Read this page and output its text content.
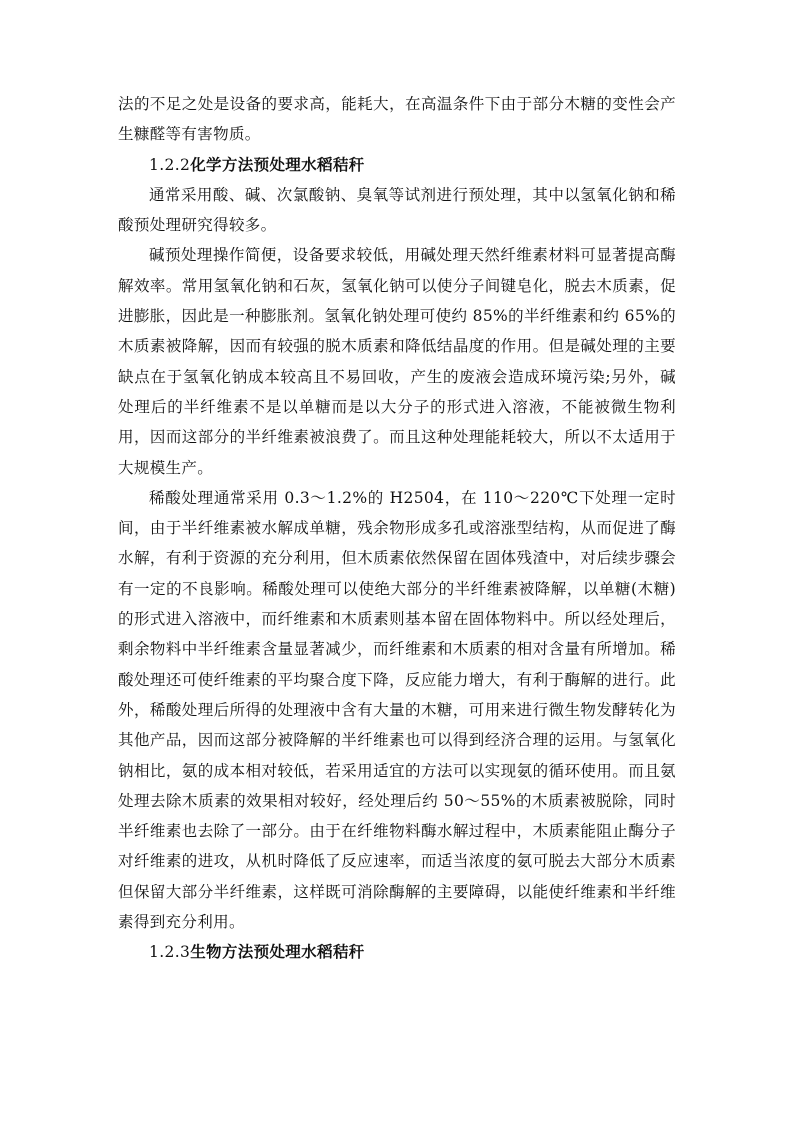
法的不足之处是设备的要求高，能耗大，在高温条件下由于部分木糖的变性会产生糠醛等有害物质。

1.2.2化学方法预处理水稻秸秆

通常采用酸、碱、次氯酸钠、臭氧等试剂进行预处理，其中以氢氧化钠和稀酸预处理研究得较多。

碱预处理操作简便，设备要求较低，用碱处理天然纤维素材料可显著提高酶解效率。常用氢氧化钠和石灰，氢氧化钠可以使分子间键皂化，脱去木质素，促进膨胀，因此是一种膨胀剂。氢氧化钠处理可使约 85%的半纤维素和约 65%的木质素被降解，因而有较强的脱木质素和降低结晶度的作用。但是碱处理的主要缺点在于氢氧化钠成本较高且不易回收，产生的废液会造成环境污染;另外，碱处理后的半纤维素不是以单糖而是以大分子的形式进入溶液，不能被微生物利用，因而这部分的半纤维素被浪费了。而且这种处理能耗较大，所以不太适用于大规模生产。

稀酸处理通常采用 0.3～1.2%的 H2504，在 110～220℃下处理一定时间，由于半纤维素被水解成单糖，残余物形成多孔或溶涨型结构，从而促进了酶水解，有利于资源的充分利用，但木质素依然保留在固体残渣中，对后续步骤会有一定的不良影响。稀酸处理可以使绝大部分的半纤维素被降解，以单糖(木糖)的形式进入溶液中，而纤维素和木质素则基本留在固体物料中。所以经处理后，剩余物料中半纤维素含量显著减少，而纤维素和木质素的相对含量有所增加。稀酸处理还可使纤维素的平均聚合度下降，反应能力增大，有利于酶解的进行。此外，稀酸处理后所得的处理液中含有大量的木糖，可用来进行微生物发酵转化为其他产品，因而这部分被降解的半纤维素也可以得到经济合理的运用。与氢氧化钠相比，氨的成本相对较低，若采用适宜的方法可以实现氨的循环使用。而且氨处理去除木质素的效果相对较好，经处理后约 50～55%的木质素被脱除，同时半纤维素也去除了一部分。由于在纤维物料酶水解过程中，木质素能阻止酶分子对纤维素的进攻，从机时降低了反应速率，而适当浓度的氨可脱去大部分木质素但保留大部分半纤维素，这样既可消除酶解的主要障碍，以能使纤维素和半纤维素得到充分利用。

1.2.3生物方法预处理水稻秸秆
